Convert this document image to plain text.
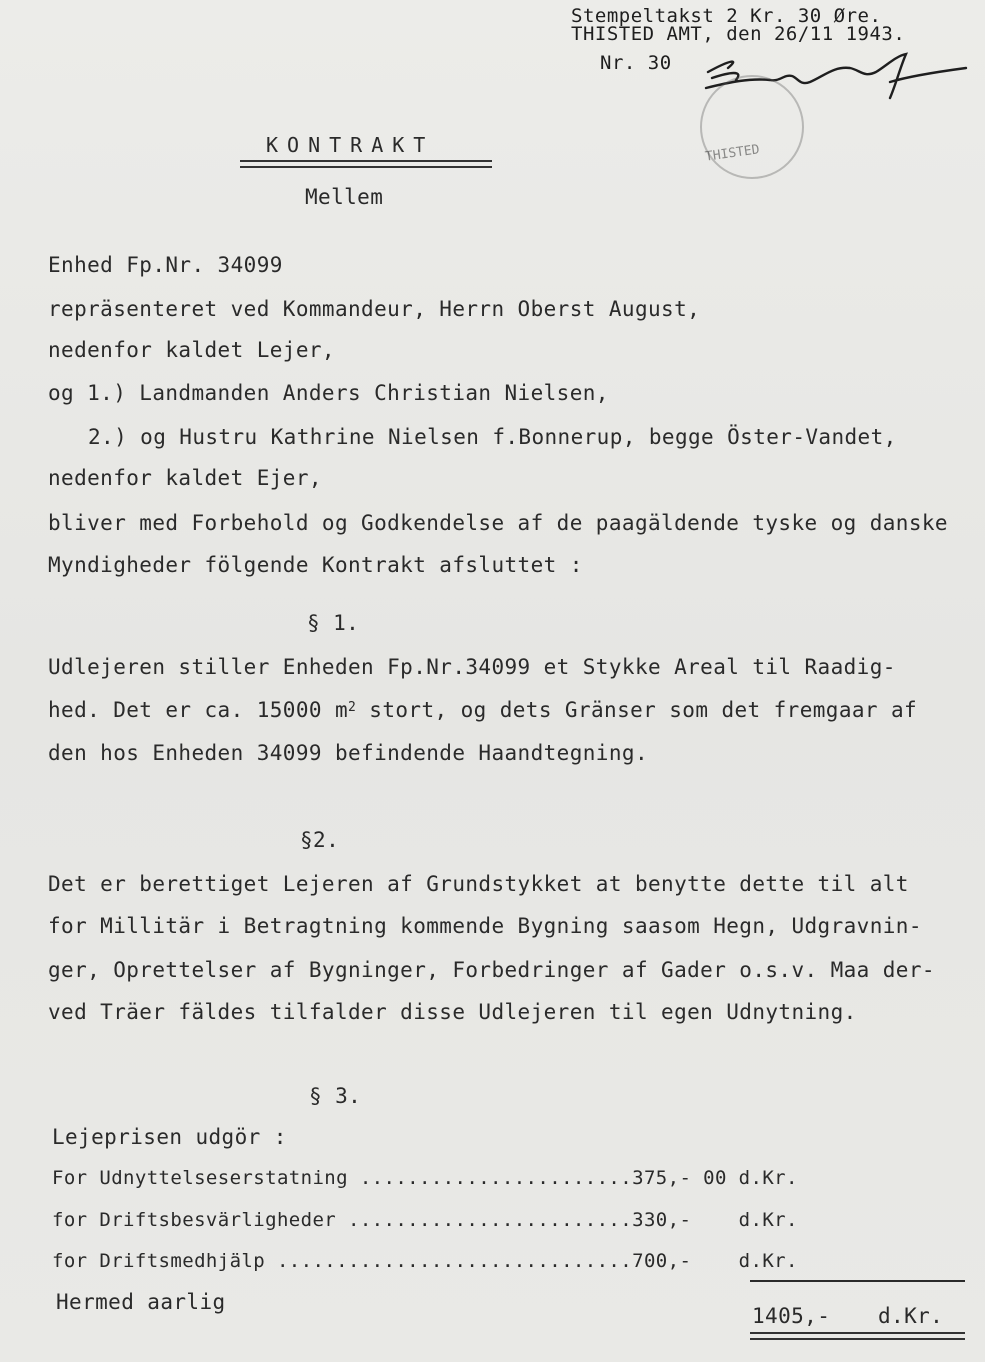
Stempeltakst 2 Kr. 30 Øre.
THISTED AMT, den 26/11 1943.
Nr. 30
THISTED
KONTRAKT
Mellem
Enhed Fp.Nr. 34099
repräsenteret ved Kommandeur, Herrn Oberst August,
nedenfor kaldet Lejer,
og 1.) Landmanden Anders Christian Nielsen,
2.) og Hustru Kathrine Nielsen f.Bonnerup, begge Öster-Vandet,
nedenfor kaldet Ejer,
bliver med Forbehold og Godkendelse af de paagäldende tyske og danske
Myndigheder fölgende Kontrakt afsluttet :
§ 1.
Udlejeren stiller Enheden Fp.Nr.34099 et Stykke Areal til Raadig-
hed. Det er ca. 15000 $m^2$ stort, og dets Gränser som det fremgaar af
den hos Enheden 34099 befindende Haandtegning.
§2.
Det er berettiget Lejeren af Grundstykket at benytte dette til alt
for Millitär i Betragtning kommende Bygning saasom Hegn, Udgravnin-
ger, Oprettelser af Bygninger, Forbedringer af Gader o.s.v. Maa der-
ved Träer fäldes tilfalder disse Udlejeren til egen Udnytning.
§ 3.
Lejeprisen udgör :
For Udnyttelseserstatning .......................375,- 00 d.Kr.
for Driftsbesvärligheder ........................330,-    d.Kr.
for Driftsmedhjälp ..............................700,-    d.Kr.
Hermed aarlig
1405,- d.Kr.
